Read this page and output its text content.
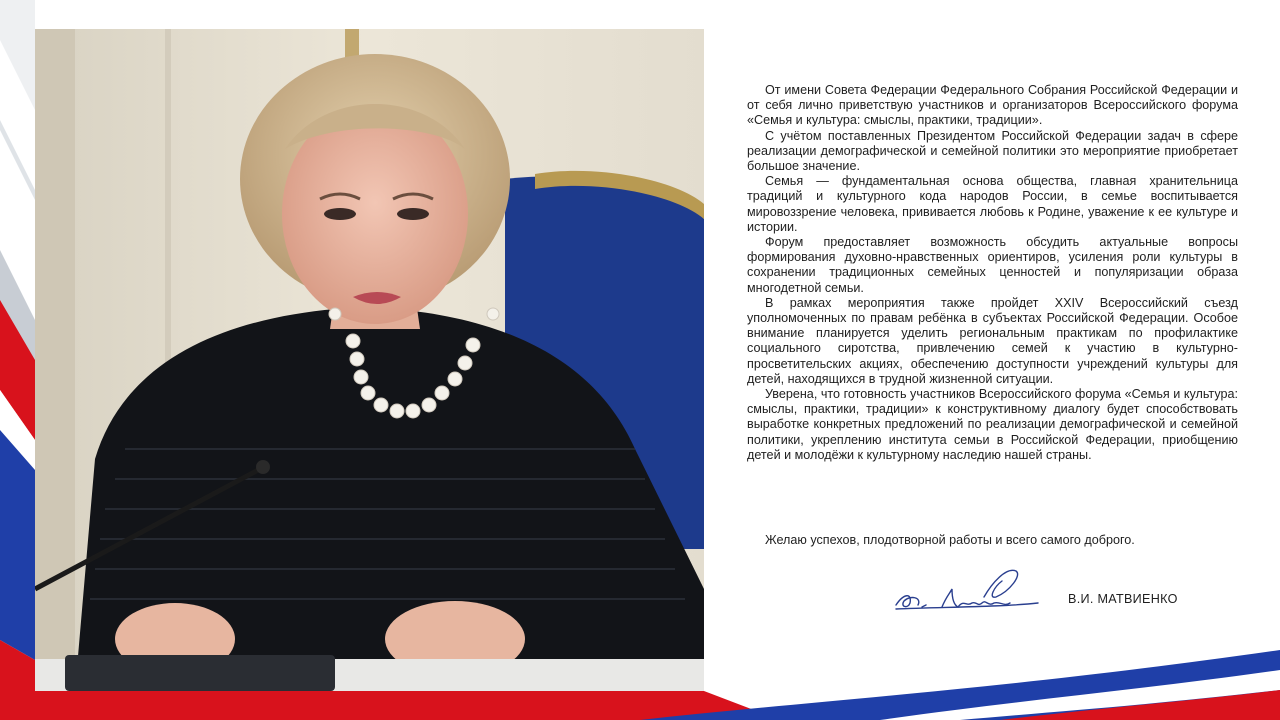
От имени Совета Федерации Федерального Собрания Российской Федерации и от себя лично приветствую участников и организаторов Всероссийского форума «Семья и культура: смыслы, практики, традиции».

С учётом поставленных Президентом Российской Федерации задач в сфере реализации демографической и семейной политики это мероприятие приобретает большое значение.

Семья — фундаментальная основа общества, главная хранительница традиций и культурного кода народов России, в семье воспитывается мировоззрение человека, прививается любовь к Родине, уважение к ее культуре и истории.

Форум предоставляет возможность обсудить актуальные вопросы формирования духовно-нравственных ориентиров, усиления роли культуры в сохранении традиционных семейных ценностей и популяризации образа многодетной семьи.

В рамках мероприятия также пройдет XXIV Всероссийский съезд уполномоченных по правам ребёнка в субъектах Российской Федерации. Особое внимание планируется уделить региональным практикам по профилактике социального сиротства, привлечению семей к участию в культурно-просветительских акциях, обеспечению доступности учреждений культуры для детей, находящихся в трудной жизненной ситуации.

Уверена, что готовность участников Всероссийского форума «Семья и культура: смыслы, практики, традиции» к конструктивному диалогу будет способствовать выработке конкретных предложений по реализации демографической и семейной политики, укреплению института семьи в Российской Федерации, приобщению детей и молодёжи к культурному наследию нашей страны.

Желаю успехов, плодотворной работы и всего самого доброго.
В.И. МАТВИЕНКО
